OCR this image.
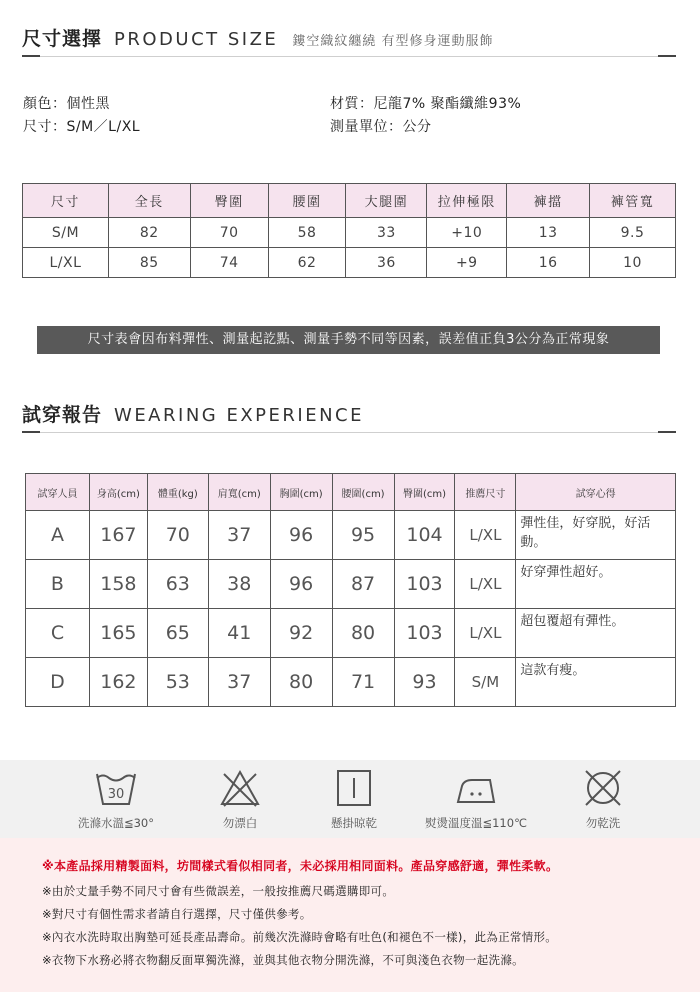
尺寸選擇 PRODUCT SIZE 鏤空織紋纏繞 有型修身運動服飾
顏色：個性黑
尺寸：S/M／L/XL
材質：尼龍7% 聚酯纖維93%
測量單位：公分
尺寸	全長	臀圍	腰圍	大腿圍	拉伸極限	褲擋	褲管寬
S/M	82	70	58	33	+10	13	9.5
L/XL	85	74	62	36	+9	16	10
尺寸表會因布料彈性、測量起訖點、測量手勢不同等因素，誤差值正負3公分為正常現象
試穿報告 WEARING EXPERIENCE
試穿人員	身高(cm)	體重(kg)	肩寬(cm)	胸圍(cm)	腰圍(cm)	臀圍(cm)	推薦尺寸	試穿心得
A	167	70	37	96	95	104	L/XL	彈性佳，好穿脱，好活動。
B	158	63	38	96	87	103	L/XL	好穿彈性超好。
C	165	65	41	92	80	103	L/XL	超包覆超有彈性。
D	162	53	37	80	71	93	S/M	這款有瘦。
30
洗滌水溫≦30°	勿漂白	懸掛晾乾	熨燙溫度溫≦110℃	勿乾洗

※本產品採用精製面料，坊間樣式看似相同者，未必採用相同面料。產品穿感舒適，彈性柔軟。

※由於丈量手勢不同尺寸會有些微誤差，一般按推薦尺碼選購即可。

※對尺寸有個性需求者請自行選擇，尺寸僅供參考。

※內衣水洗時取出胸墊可延長產品壽命。前幾次洗滌時會略有吐色(和褪色不一樣)，此為正常情形。

※衣物下水務必將衣物翻反面單獨洗滌，並與其他衣物分開洗滌，不可與淺色衣物一起洗滌。
